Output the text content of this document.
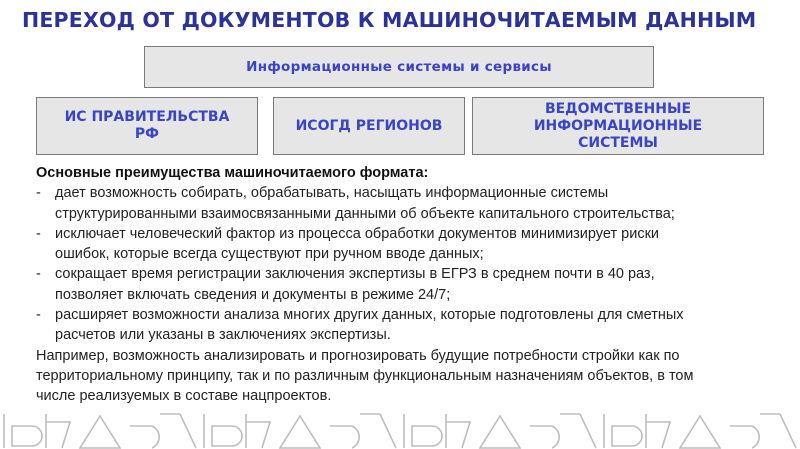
ПЕРЕХОД ОТ ДОКУМЕНТОВ К МАШИНОЧИТАЕМЫМ ДАННЫМ
Информационные системы и сервисы
ИС ПРАВИТЕЛЬСТВА
РФ	ИСОГД РЕГИОНОВ
ВЕДОМСТВЕННЫЕ
ИНФОРМАЦИОННЫЕ
СИСТЕМЫ
Основные преимущества машиночитаемого формата:
- дает возможность собирать, обрабатывать, насыщать информационные системы
структурированными взаимосвязанными данными об объекте капитального строительства;
- исключает человеческий фактор из процесса обработки документов минимизирует риски
ошибок, которые всегда существуют при ручном вводе данных;
- сокращает время регистрации заключения экспертизы в ЕГРЗ в среднем почти в 40 раз,
позволяет включать сведения и документы в режиме 24/7;
- расширяет возможности анализа многих других данных, которые подготовлены для сметных
расчетов или указаны в заключениях экспертизы.
Например, возможность анализировать и прогнозировать будущие потребности стройки как по
территориальному принципу, так и по различным функциональным назначениям объектов, в том
числе реализуемых в составе нацпроектов.
